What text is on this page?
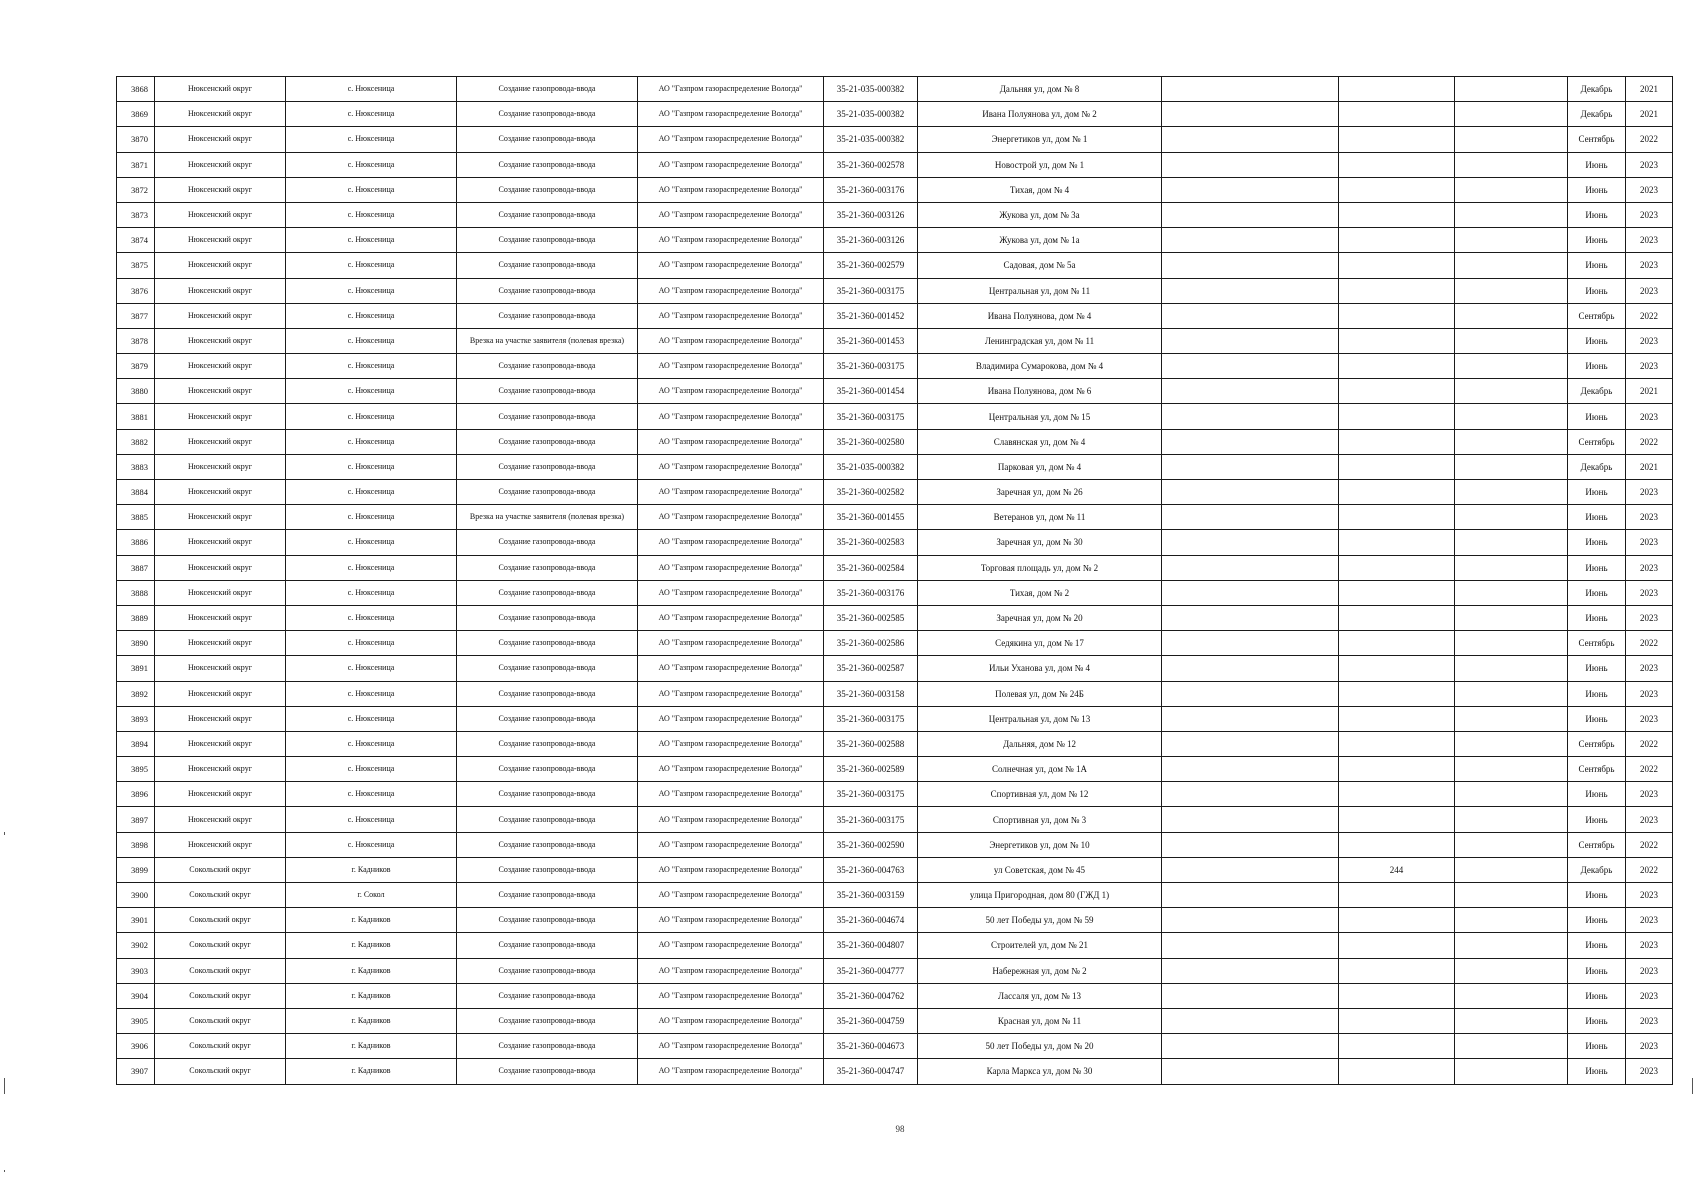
3868	Нюксенский округ	с. Нюксеница	Создание газопровода-ввода	АО "Газпром газораспределение Вологда"	35-21-035-000382	Дальняя ул, дом № 8				Декабрь	2021
3869	Нюксенский округ	с. Нюксеница	Создание газопровода-ввода	АО "Газпром газораспределение Вологда"	35-21-035-000382	Ивана Полуянова ул, дом № 2				Декабрь	2021
3870	Нюксенский округ	с. Нюксеница	Создание газопровода-ввода	АО "Газпром газораспределение Вологда"	35-21-035-000382	Энергетиков ул, дом № 1				Сентябрь	2022
3871	Нюксенский округ	с. Нюксеница	Создание газопровода-ввода	АО "Газпром газораспределение Вологда"	35-21-360-002578	Новострой ул, дом № 1				Июнь	2023
3872	Нюксенский округ	с. Нюксеница	Создание газопровода-ввода	АО "Газпром газораспределение Вологда"	35-21-360-003176	Тихая, дом № 4				Июнь	2023
3873	Нюксенский округ	с. Нюксеница	Создание газопровода-ввода	АО "Газпром газораспределение Вологда"	35-21-360-003126	Жукова ул, дом № 3а				Июнь	2023
3874	Нюксенский округ	с. Нюксеница	Создание газопровода-ввода	АО "Газпром газораспределение Вологда"	35-21-360-003126	Жукова ул, дом № 1а				Июнь	2023
3875	Нюксенский округ	с. Нюксеница	Создание газопровода-ввода	АО "Газпром газораспределение Вологда"	35-21-360-002579	Садовая, дом № 5а				Июнь	2023
3876	Нюксенский округ	с. Нюксеница	Создание газопровода-ввода	АО "Газпром газораспределение Вологда"	35-21-360-003175	Центральная ул, дом № 11				Июнь	2023
3877	Нюксенский округ	с. Нюксеница	Создание газопровода-ввода	АО "Газпром газораспределение Вологда"	35-21-360-001452	Ивана Полуянова, дом № 4				Сентябрь	2022
3878	Нюксенский округ	с. Нюксеница	Врезка на участке заявителя (полевая врезка)	АО "Газпром газораспределение Вологда"	35-21-360-001453	Ленинградская ул, дом № 11				Июнь	2023
3879	Нюксенский округ	с. Нюксеница	Создание газопровода-ввода	АО "Газпром газораспределение Вологда"	35-21-360-003175	Владимира Сумарокова, дом № 4				Июнь	2023
3880	Нюксенский округ	с. Нюксеница	Создание газопровода-ввода	АО "Газпром газораспределение Вологда"	35-21-360-001454	Ивана Полуянова, дом № 6				Декабрь	2021
3881	Нюксенский округ	с. Нюксеница	Создание газопровода-ввода	АО "Газпром газораспределение Вологда"	35-21-360-003175	Центральная ул, дом № 15				Июнь	2023
3882	Нюксенский округ	с. Нюксеница	Создание газопровода-ввода	АО "Газпром газораспределение Вологда"	35-21-360-002580	Славянская ул, дом № 4				Сентябрь	2022
3883	Нюксенский округ	с. Нюксеница	Создание газопровода-ввода	АО "Газпром газораспределение Вологда"	35-21-035-000382	Парковая ул, дом № 4				Декабрь	2021
3884	Нюксенский округ	с. Нюксеница	Создание газопровода-ввода	АО "Газпром газораспределение Вологда"	35-21-360-002582	Заречная ул, дом № 26				Июнь	2023
3885	Нюксенский округ	с. Нюксеница	Врезка на участке заявителя (полевая врезка)	АО "Газпром газораспределение Вологда"	35-21-360-001455	Ветеранов ул, дом № 11				Июнь	2023
3886	Нюксенский округ	с. Нюксеница	Создание газопровода-ввода	АО "Газпром газораспределение Вологда"	35-21-360-002583	Заречная ул, дом № 30				Июнь	2023
3887	Нюксенский округ	с. Нюксеница	Создание газопровода-ввода	АО "Газпром газораспределение Вологда"	35-21-360-002584	Торговая площадь ул, дом № 2				Июнь	2023
3888	Нюксенский округ	с. Нюксеница	Создание газопровода-ввода	АО "Газпром газораспределение Вологда"	35-21-360-003176	Тихая, дом № 2				Июнь	2023
3889	Нюксенский округ	с. Нюксеница	Создание газопровода-ввода	АО "Газпром газораспределение Вологда"	35-21-360-002585	Заречная ул, дом № 20				Июнь	2023
3890	Нюксенский округ	с. Нюксеница	Создание газопровода-ввода	АО "Газпром газораспределение Вологда"	35-21-360-002586	Седякина ул, дом № 17				Сентябрь	2022
3891	Нюксенский округ	с. Нюксеница	Создание газопровода-ввода	АО "Газпром газораспределение Вологда"	35-21-360-002587	Ильи Уханова ул, дом № 4				Июнь	2023
3892	Нюксенский округ	с. Нюксеница	Создание газопровода-ввода	АО "Газпром газораспределение Вологда"	35-21-360-003158	Полевая ул, дом № 24Б				Июнь	2023
3893	Нюксенский округ	с. Нюксеница	Создание газопровода-ввода	АО "Газпром газораспределение Вологда"	35-21-360-003175	Центральная ул, дом № 13				Июнь	2023
3894	Нюксенский округ	с. Нюксеница	Создание газопровода-ввода	АО "Газпром газораспределение Вологда"	35-21-360-002588	Дальняя, дом № 12				Сентябрь	2022
3895	Нюксенский округ	с. Нюксеница	Создание газопровода-ввода	АО "Газпром газораспределение Вологда"	35-21-360-002589	Солнечная ул, дом № 1А				Сентябрь	2022
3896	Нюксенский округ	с. Нюксеница	Создание газопровода-ввода	АО "Газпром газораспределение Вологда"	35-21-360-003175	Спортивная ул, дом № 12				Июнь	2023
3897	Нюксенский округ	с. Нюксеница	Создание газопровода-ввода	АО "Газпром газораспределение Вологда"	35-21-360-003175	Спортивная ул, дом № 3				Июнь	2023
3898	Нюксенский округ	с. Нюксеница	Создание газопровода-ввода	АО "Газпром газораспределение Вологда"	35-21-360-002590	Энергетиков ул, дом № 10				Сентябрь	2022
3899	Сокольский округ	г. Кадников	Создание газопровода-ввода	АО "Газпром газораспределение Вологда"	35-21-360-004763	ул Советская, дом № 45		244		Декабрь	2022
3900	Сокольский округ	г. Сокол	Создание газопровода-ввода	АО "Газпром газораспределение Вологда"	35-21-360-003159	улица Пригородная, дом 80 (ГЖД 1)				Июнь	2023
3901	Сокольский округ	г. Кадников	Создание газопровода-ввода	АО "Газпром газораспределение Вологда"	35-21-360-004674	50 лет Победы ул, дом № 59				Июнь	2023
3902	Сокольский округ	г. Кадников	Создание газопровода-ввода	АО "Газпром газораспределение Вологда"	35-21-360-004807	Строителей ул, дом № 21				Июнь	2023
3903	Сокольский округ	г. Кадников	Создание газопровода-ввода	АО "Газпром газораспределение Вологда"	35-21-360-004777	Набережная ул, дом № 2				Июнь	2023
3904	Сокольский округ	г. Кадников	Создание газопровода-ввода	АО "Газпром газораспределение Вологда"	35-21-360-004762	Лассаля ул, дом № 13				Июнь	2023
3905	Сокольский округ	г. Кадников	Создание газопровода-ввода	АО "Газпром газораспределение Вологда"	35-21-360-004759	Красная ул, дом № 11				Июнь	2023
3906	Сокольский округ	г. Кадников	Создание газопровода-ввода	АО "Газпром газораспределение Вологда"	35-21-360-004673	50 лет Победы ул, дом № 20				Июнь	2023
3907	Сокольский округ	г. Кадников	Создание газопровода-ввода	АО "Газпром газораспределение Вологда"	35-21-360-004747	Карла Маркса ул, дом № 30				Июнь	2023
98
